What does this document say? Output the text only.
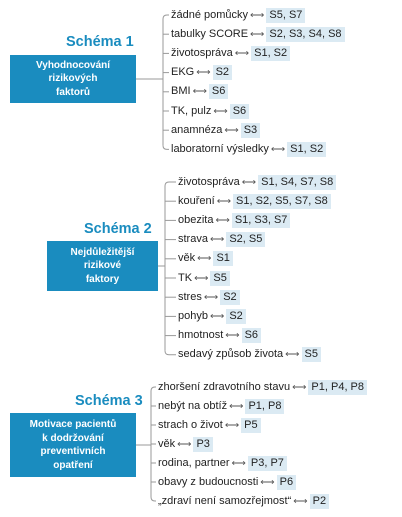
Schéma 1
Vyhodnocování
rizikových
faktorů
žádné pomůcky ⟷ S5, S7
tabulky SCORE ⟷ S2, S3, S4, S8
životospráva ⟷ S1, S2
EKG ⟷ S2
BMI ⟷ S6
TK, pulz ⟷ S6
anamnéza ⟷ S3
laboratorní výsledky ⟷ S1, S2
Schéma 2
Nejdůležitější
rizikové
faktory
životospráva ⟷ S1, S4, S7, S8
kouření ⟷ S1, S2, S5, S7, S8
obezita ⟷ S1, S3, S7
strava ⟷ S2, S5
věk ⟷ S1
TK ⟷ S5
stres ⟷ S2
pohyb ⟷ S2
hmotnost ⟷ S6
sedavý způsob života ⟷ S5
Schéma 3
Motivace pacientů
k dodržování
preventivních
opatření
zhoršení zdravotního stavu ⟷ P1, P4, P8
nebýt na obtíž ⟷ P1, P8
strach o život ⟷ P5
věk ⟷ P3
rodina, partner ⟷ P3, P7
obavy z budoucnosti ⟷ P6
„zdraví není samozřejmost“ ⟷ P2
